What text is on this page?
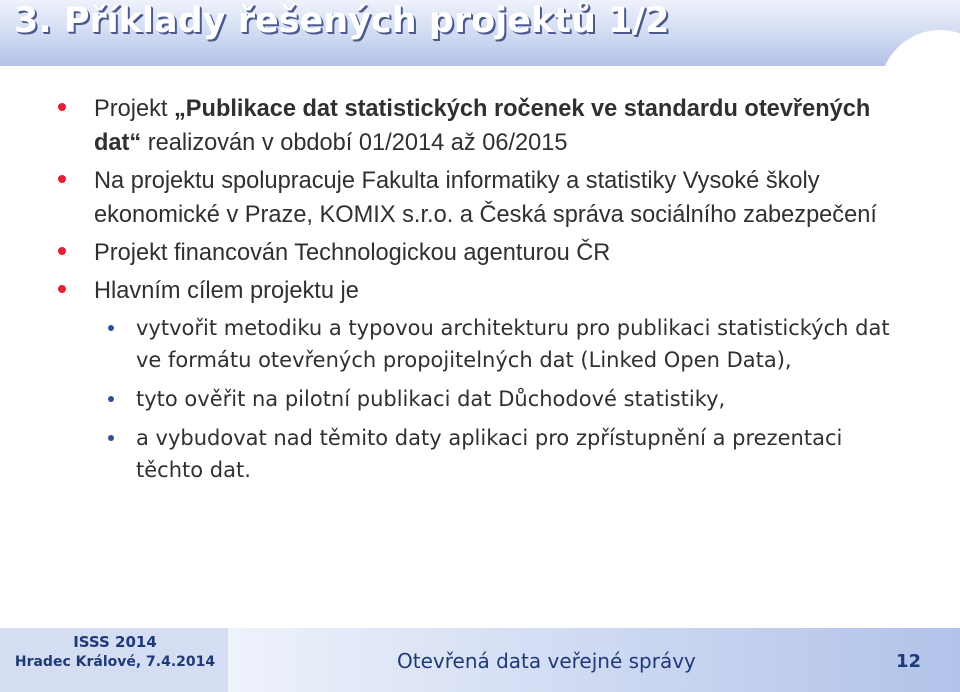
3. Příklady řešených projektů 1/2
Projekt „Publikace dat statistických ročenek ve standardu otevřených dat“ realizován v období 01/2014 až 06/2015
Na projektu spolupracuje Fakulta informatiky a statistiky Vysoké školy ekonomické v Praze, KOMIX s.r.o. a Česká správa sociálního zabezpečení
Projekt financován Technologickou agenturou ČR
Hlavním cílem projektu je
vytvořit metodiku a typovou architekturu pro publikaci statistických dat ve formátu otevřených propojitelných dat (Linked Open Data),
tyto ověřit na pilotní publikaci dat Důchodové statistiky,
a vybudovat nad těmito daty aplikaci pro zpřístupnění a prezentaci těchto dat.
ISSS 2014
Hradec Králové, 7.4.2014	Otevřená data veřejné správy	12
